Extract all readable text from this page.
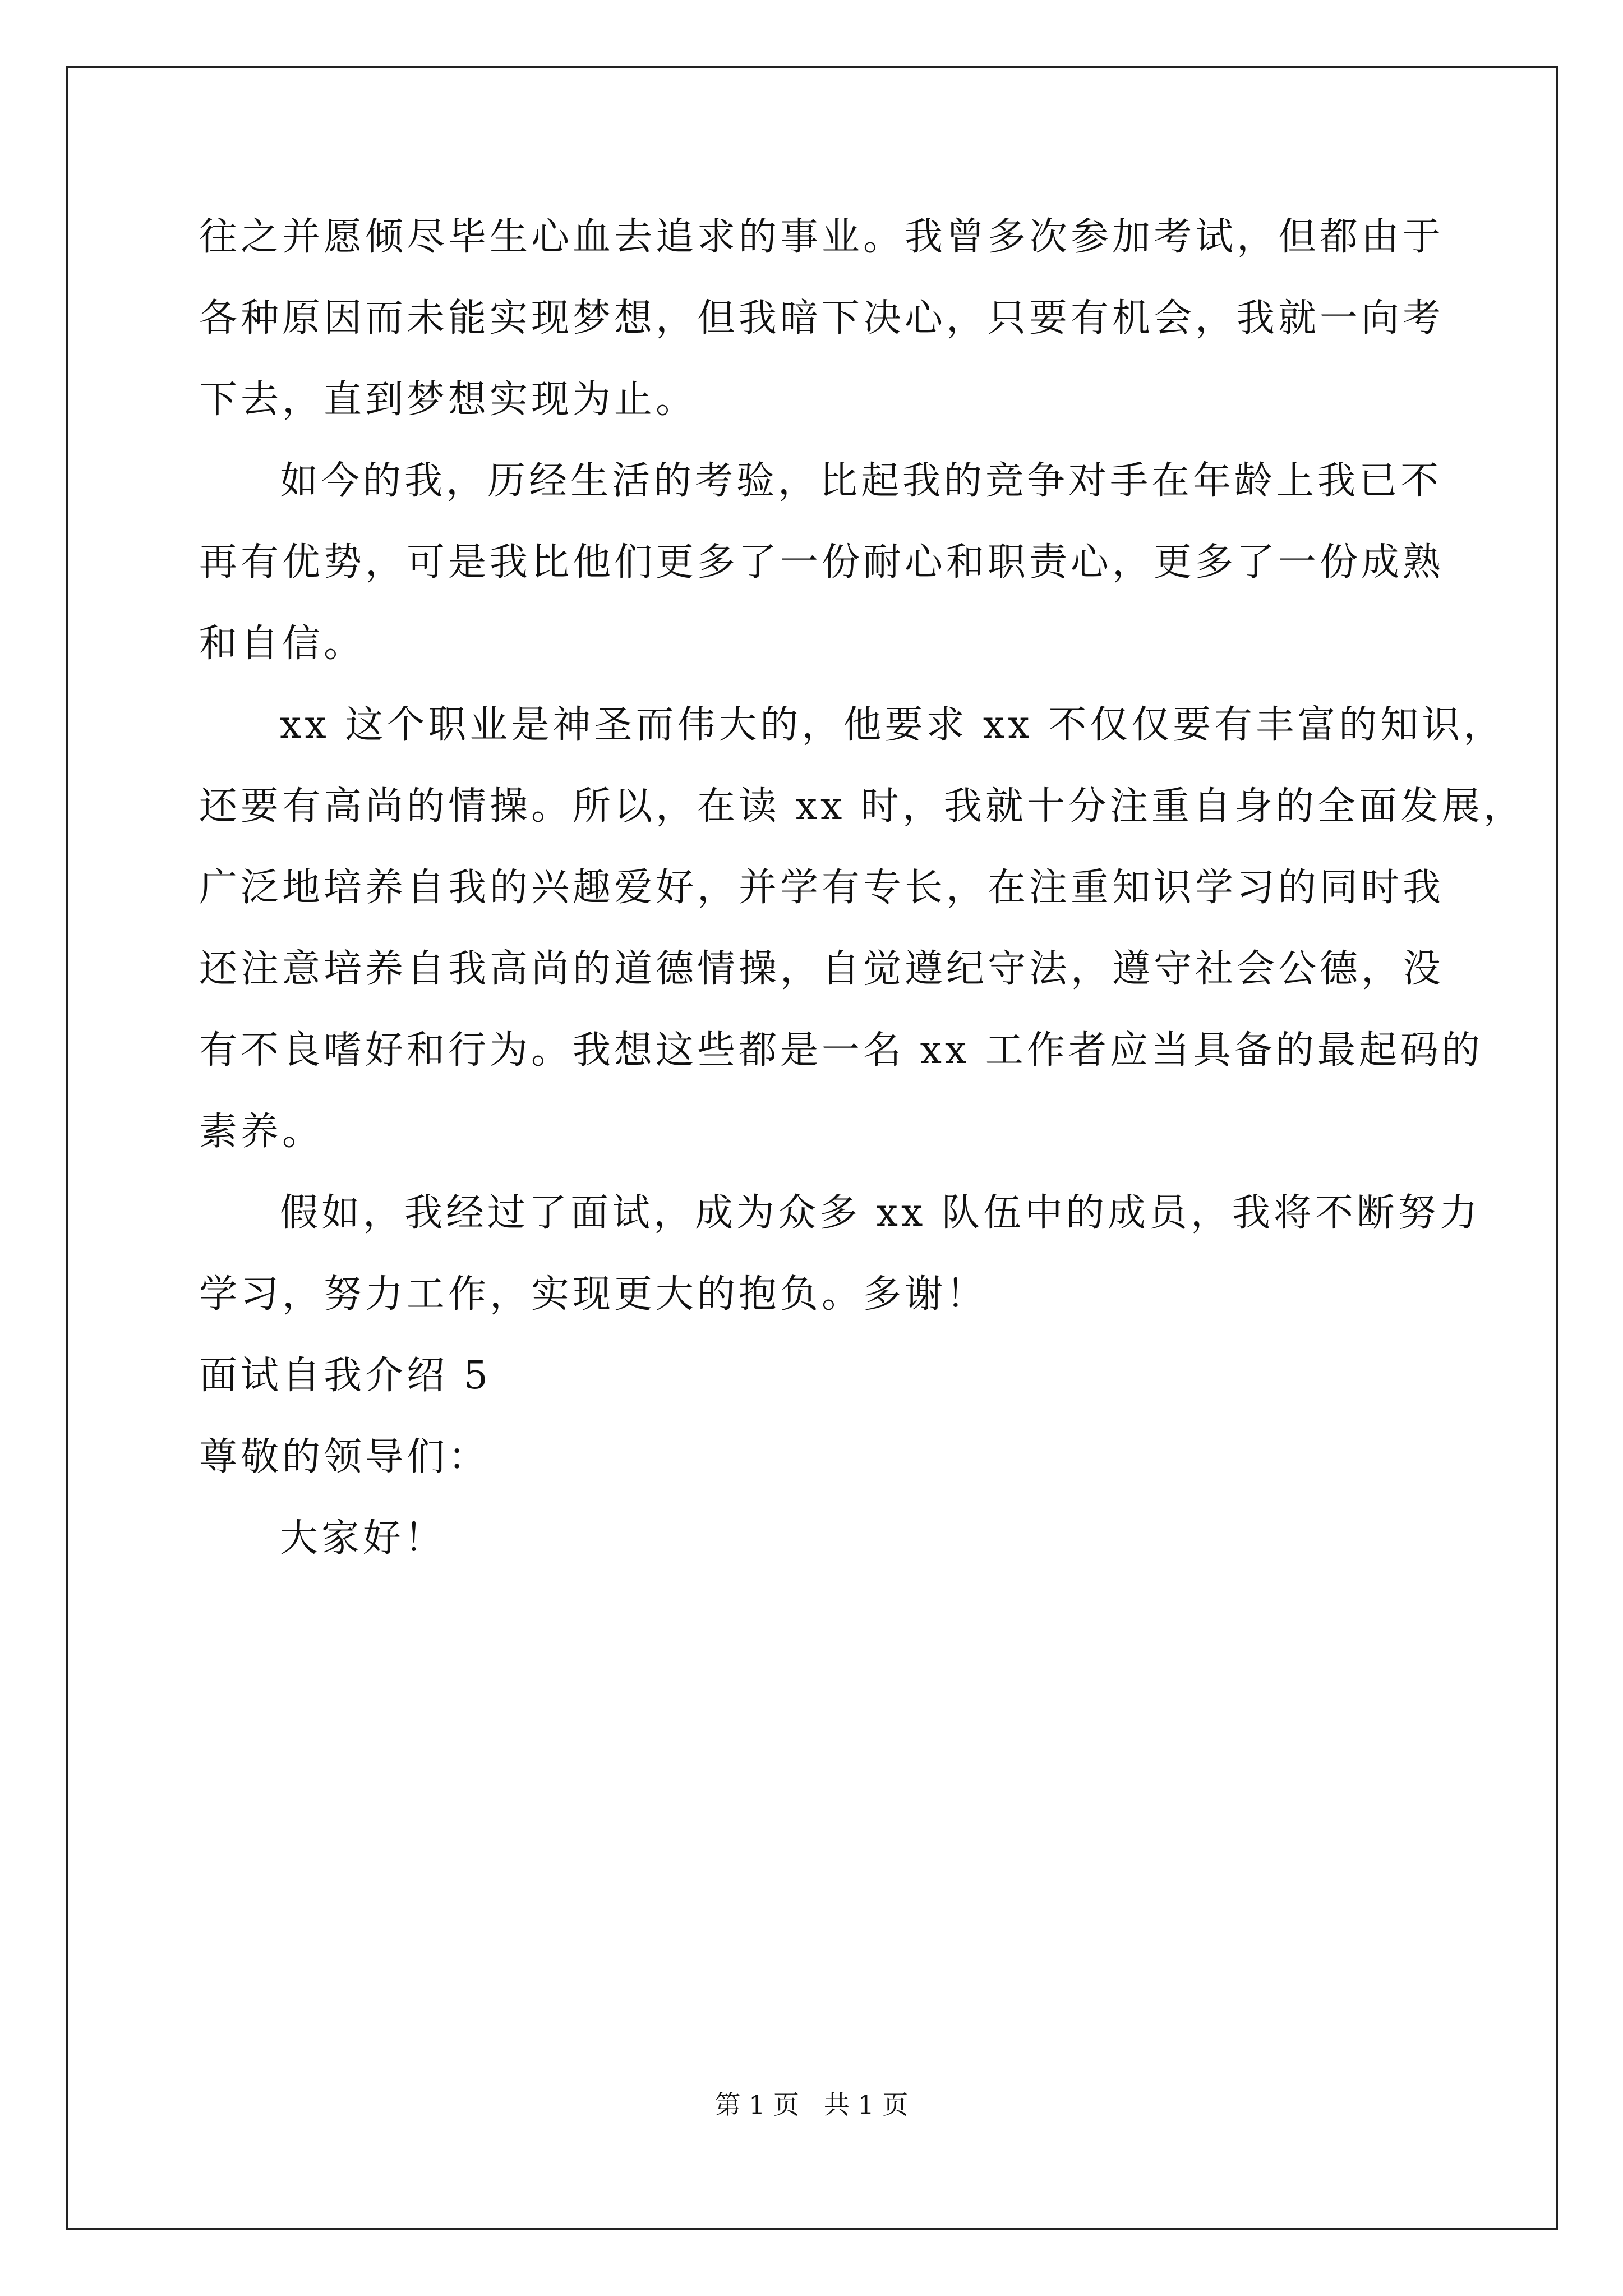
往之并愿倾尽毕生心血去追求的事业。我曾多次参加考试，但都由于
各种原因而未能实现梦想，但我暗下决心，只要有机会，我就一向考
下去，直到梦想实现为止。
如今的我，历经生活的考验，比起我的竞争对手在年龄上我已不
再有优势，可是我比他们更多了一份耐心和职责心，更多了一份成熟
和自信。
xx 这个职业是神圣而伟大的，他要求 xx 不仅仅要有丰富的知识，
还要有高尚的情操。所以，在读 xx 时，我就十分注重自身的全面发展，
广泛地培养自我的兴趣爱好，并学有专长，在注重知识学习的同时我
还注意培养自我高尚的道德情操，自觉遵纪守法，遵守社会公德，没
有不良嗜好和行为。我想这些都是一名 xx 工作者应当具备的最起码的
素养。
假如，我经过了面试，成为众多 xx 队伍中的成员，我将不断努力
学习，努力工作，实现更大的抱负。多谢！
面试自我介绍 5
尊敬的领导们：
大家好！
第 1 页   共 1 页
